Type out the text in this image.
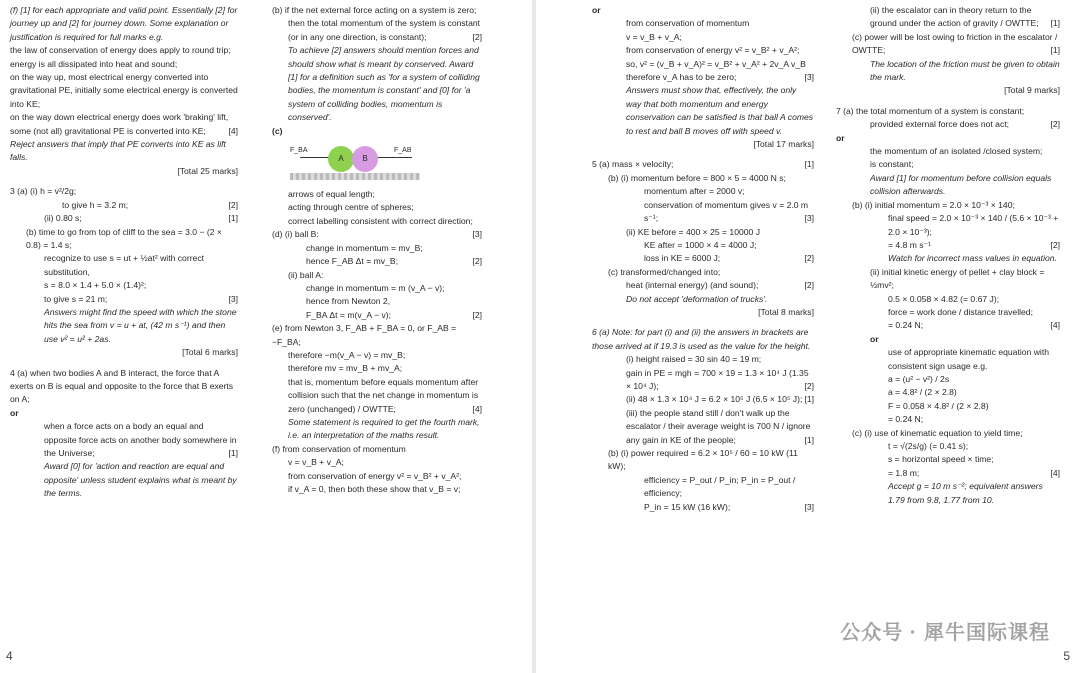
(f) [1] for each appropriate and valid point. Essentially [2] for journey up and [2] for journey down. Some explanation or justification is required for full marks e.g.

the law of conservation of energy does apply to round trip;

energy is all dissipated into heat and sound;

on the way up, most electrical energy converted into gravitational PE, initially some electrical energy is converted into KE;

on the way down electrical energy does work 'braking' lift, some (not all) gravitational PE is converted into KE;	[4]

Reject answers that imply that PE converts into KE as lift falls.

[Total 25 marks]

3 (a) (i) h = v²/2g;

to give h = 3.2 m;	[2]

(ii) 0.80 s;	[1]

(b) time to go from top of cliff to the sea = 3.0 − (2 × 0.8) = 1.4 s;

recognize to use s = ut + ½at² with correct substitution,

s = 8.0 × 1.4 + 5.0 × (1.4)²;

to give s = 21 m;	[3]

Answers might find the speed with which the stone hits the sea from v = u + at, (42 m s⁻¹) and then use v² = u² + 2as.

[Total 6 marks]

4 (a) when two bodies A and B interact, the force that A exerts on B is equal and opposite to the force that B exerts on A;

or

when a force acts on a body an equal and opposite force acts on another body somewhere in the Universe;	[1]

Award [0] for 'action and reaction are equal and opposite' unless student explains what is meant by the terms.

(b) if the net external force acting on a system is zero;

then the total momentum of the system is constant (or in any one direction, is constant);	[2]

To achieve [2] answers should mention forces and should show what is meant by conserved. Award [1] for a definition such as 'for a system of colliding bodies, the momentum is constant' and [0] for 'a system of colliding bodies, momentum is conserved'.

(c)

F_BA	F_AB
A	B

arrows of equal length;

acting through centre of spheres;

correct labelling consistent with correct direction;
[3]

(d) (i) ball B:

change in momentum = mv_B;

hence F_AB Δt = mv_B;	[2]

(ii) ball A:

change in momentum = m (v_A − v);

hence from Newton 2,

F_BA Δt = m(v_A − v);	[2]

(e) from Newton 3, F_AB + F_BA = 0, or F_AB = −F_BA;

therefore −m(v_A − v) = mv_B;

therefore mv = mv_B + mv_A;

that is, momentum before equals momentum after collision such that the net change in momentum is zero (unchanged) / OWTTE;	[4]

Some statement is required to get the fourth mark, i.e. an interpretation of the maths result.

(f) from conservation of momentum

v = v_B + v_A;

from conservation of energy v² = v_B² + v_A²;

if v_A = 0, then both these show that v_B = v;

4

or

from conservation of momentum

v = v_B + v_A;

from conservation of energy v² = v_B² + v_A²;

so, v² = (v_B + v_A)² = v_B² + v_A² + 2v_A v_B therefore v_A has to be zero;	[3]

Answers must show that, effectively, the only way that both momentum and energy conservation can be satisfied is that ball A comes to rest and ball B moves off with speed v.

[Total 17 marks]

5 (a) mass × velocity;	[1]

(b) (i) momentum before = 800 × 5 = 4000 N s;

momentum after = 2000 v;

conservation of momentum gives v = 2.0 m s⁻¹;	[3]

(ii) KE before = 400 × 25 = 10000 J

KE after = 1000 × 4 = 4000 J;

loss in KE = 6000 J;	[2]

(c) transformed/changed into;

heat (internal energy) (and sound);	[2]

Do not accept 'deformation of trucks'.

[Total 8 marks]

6 (a) Note: for part (i) and (ii) the answers in brackets are those arrived at if 19.3 is used as the value for the height.

(i) height raised = 30 sin 40 = 19 m;

gain in PE = mgh = 700 × 19 = 1.3 × 10⁴ J (1.35 × 10⁴ J);	[2]

(ii) 48 × 1.3 × 10⁴ J = 6.2 × 10⁵ J (6.5 × 10⁵ J); [1]

(iii) the people stand still / don't walk up the escalator / their average weight is 700 N / ignore any gain in KE of the people;	[1]

(b) (i) power required = 6.2 × 10⁵ / 60 = 10 kW (11 kW);

efficiency = P_out / P_in; P_in = P_out / efficiency;

P_in = 15 kW (16 kW);	[3]

(ii) the escalator can in theory return to the ground under the action of gravity / OWTTE; [1]

(c) power will be lost owing to friction in the escalator / OWTTE;	[1]

The location of the friction must be given to obtain the mark.

[Total 9 marks]

7 (a) the total momentum of a system is constant;

provided external force does not act;	[2]

or

the momentum of an isolated /closed system;

is constant;

Award [1] for momentum before collision equals collision afterwards.

(b) (i) initial momentum = 2.0 × 10⁻³ × 140;

final speed = 2.0 × 10⁻³ × 140 / (5.6 × 10⁻³ + 2.0 × 10⁻³);

= 4.8 m s⁻¹	[2]

Watch for incorrect mass values in equation.

(ii) initial kinetic energy of pellet + clay block = ½mv²;

0.5 × 0.058 × 4.82 (= 0.67 J);

force = work done / distance travelled;

= 0.24 N;	[4]

or

use of appropriate kinematic equation with consistent sign usage e.g.

a = (u² − v²) / 2s

a = 4.8² / (2 × 2.8)

F = 0.058 × 4.8² / (2 × 2.8)

= 0.24 N;

(c) (i) use of kinematic equation to yield time;

t = √(2s/g) (= 0.41 s);

s = horizontal speed × time;

= 1.8 m;	[4]

Accept g = 10 m s⁻²; equivalent answers 1.79 from 9.8, 1.77 from 10.

公众号 · 犀牛国际课程
5
